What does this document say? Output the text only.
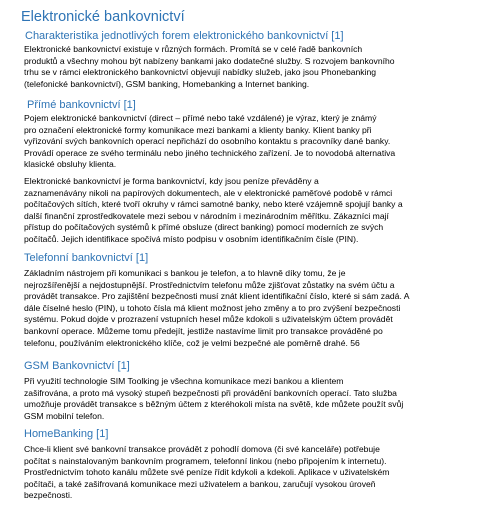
Elektronické bankovnictví
Charakteristika jednotlivých forem elektronického bankovnictví [1]
Elektronické bankovnictví existuje v různých formách. Promítá se v celé řadě bankovních
produktů a všechny mohou být nabízeny bankami jako dodatečné služby. S rozvojem bankovního
trhu se v rámci elektronického bankovnictví objevují nabídky služeb, jako jsou Phonebanking
(telefonické bankovnictví), GSM banking, Homebanking a Internet banking.
Přímé bankovnictví [1]
Pojem elektronické bankovnictví (direct – přímé nebo také vzdálené) je výraz, který je známý
pro označení elektronické formy komunikace mezi bankami a klienty banky. Klient banky při
vyřizování svých bankovních operací nepřichází do osobního kontaktu s pracovníky dané banky.
Provádí operace ze svého terminálu nebo jiného technického zařízení. Je to novodobá alternativa
klasické obsluhy klienta.
Elektronické bankovnictví je forma bankovnictví, kdy jsou peníze převáděny a
zaznamenávány nikoli na papírových dokumentech, ale v elektronické paměťové podobě v rámci
počítačových sítích, které tvoří okruhy v rámci samotné banky, nebo které vzájemně spojují banky a
další finanční zprostředkovatele mezi sebou v národním i mezinárodním měřítku. Zákazníci mají
přístup do počítačových systémů k přímé obsluze (direct banking) pomocí moderních ze svých
počítačů. Jejich identifikace spočívá místo podpisu v osobním identifikačním čísle (PIN).
Telefonní bankovnictví [1]
Základním nástrojem při komunikaci s bankou je telefon, a to hlavně díky tomu, že je
nejrozšířenější a nejdostupnější. Prostřednictvím telefonu může zjišťovat zůstatky na svém účtu a
provádět transakce. Pro zajištění bezpečnosti musí znát klient identifikační číslo, které si sám zadá. A
dále číselné heslo (PIN), u tohoto čísla má klient možnost jeho změny a to pro zvýšení bezpečnosti
systému. Pokud dojde v prozrazení vstupních hesel může kdokoli s uživatelským účtem provádět
bankovní operace. Můžeme tomu předejít, jestliže nastavíme limit pro transakce prováděné po
telefonu, používáním elektronického klíče, což je velmi bezpečné ale poměrně drahé. 56
GSM Bankovnictví [1]
Při využití technologie SIM Toolking je všechna komunikace mezi bankou a klientem
zašifrována, a proto má vysoký stupeň bezpečnosti při provádění bankovních operací. Tato služba
umožňuje provádět transakce s běžným účtem z kteréhokoli místa na světě, kde můžete použít svůj
GSM mobilní telefon.
HomeBanking [1]
Chce-li klient své bankovní transakce provádět z pohodlí domova (či své kanceláře) potřebuje
počítat s nainstalovaným bankovním programem, telefonní linkou (nebo připojením k internetu).
Prostřednictvím tohoto kanálu můžete své peníze řídit kdykoli a kdekoli. Aplikace v uživatelském
počítači, a také zašifrovaná komunikace mezi uživatelem a bankou, zaručují vysokou úroveň
bezpečnosti.
